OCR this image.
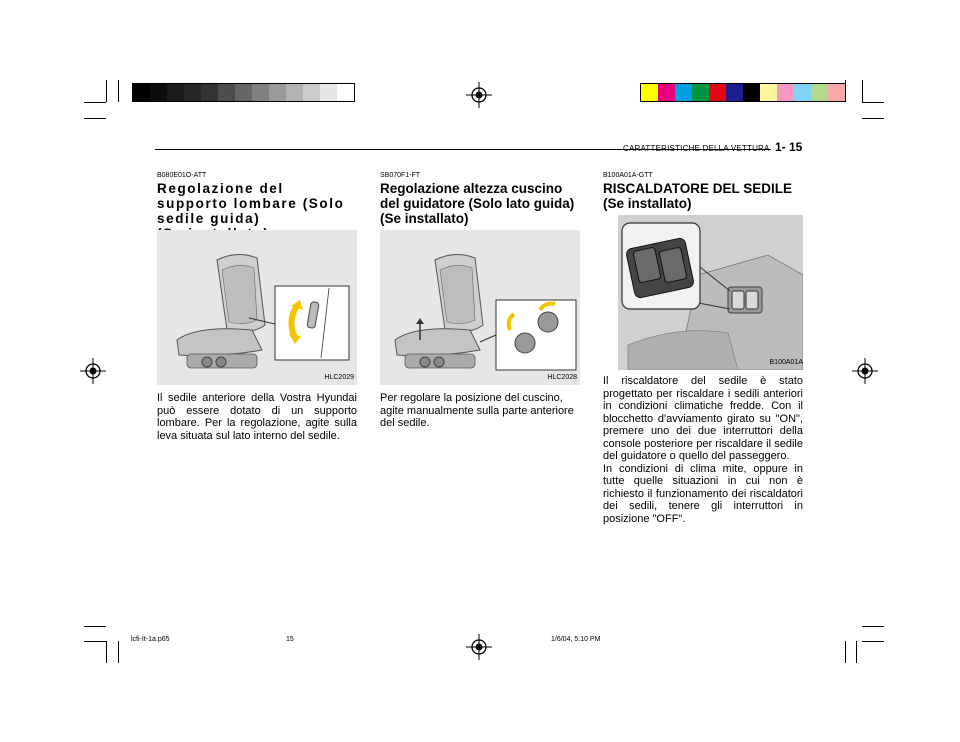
CARATTERISTICHE DELLA VETTURA 1- 15

B080E01O-ATT

Regolazione del supporto lombare (Solo sedile guida)

HLC2029

Il sedile anteriore della Vostra Hyundai può essere dotato di un supporto lombare. Per la regolazione, agite sulla leva situata sul lato interno del sedile.

SB070F1-FT

Regolazione altezza cuscino del guidatore (Solo lato guida)
(Se installato)

HLC2028

Per regolare la posizione del cuscino, agite manualmente sulla parte anteriore del sedile.

B100A01A-GTT

RISCALDATORE DEL SEDILE
(Se installato)

B100A01A

Il riscaldatore del sedile è stato progettato per riscaldare i sedili anteriori in condizioni climatiche fredde. Con il blocchetto d'avviamento girato su "ON", premere uno dei due interruttori della console posteriore per riscaldare il sedile del guidatore o quello del passeggero.
In condizioni di clima mite, oppure in tutte quelle situazioni in cui non è richiesto il funzionamento dei riscaldatori dei sedili, tenere gli interruttori in posizione "OFF".

lcfi-It-1a.p65	15	1/6/04, 5:10 PM
